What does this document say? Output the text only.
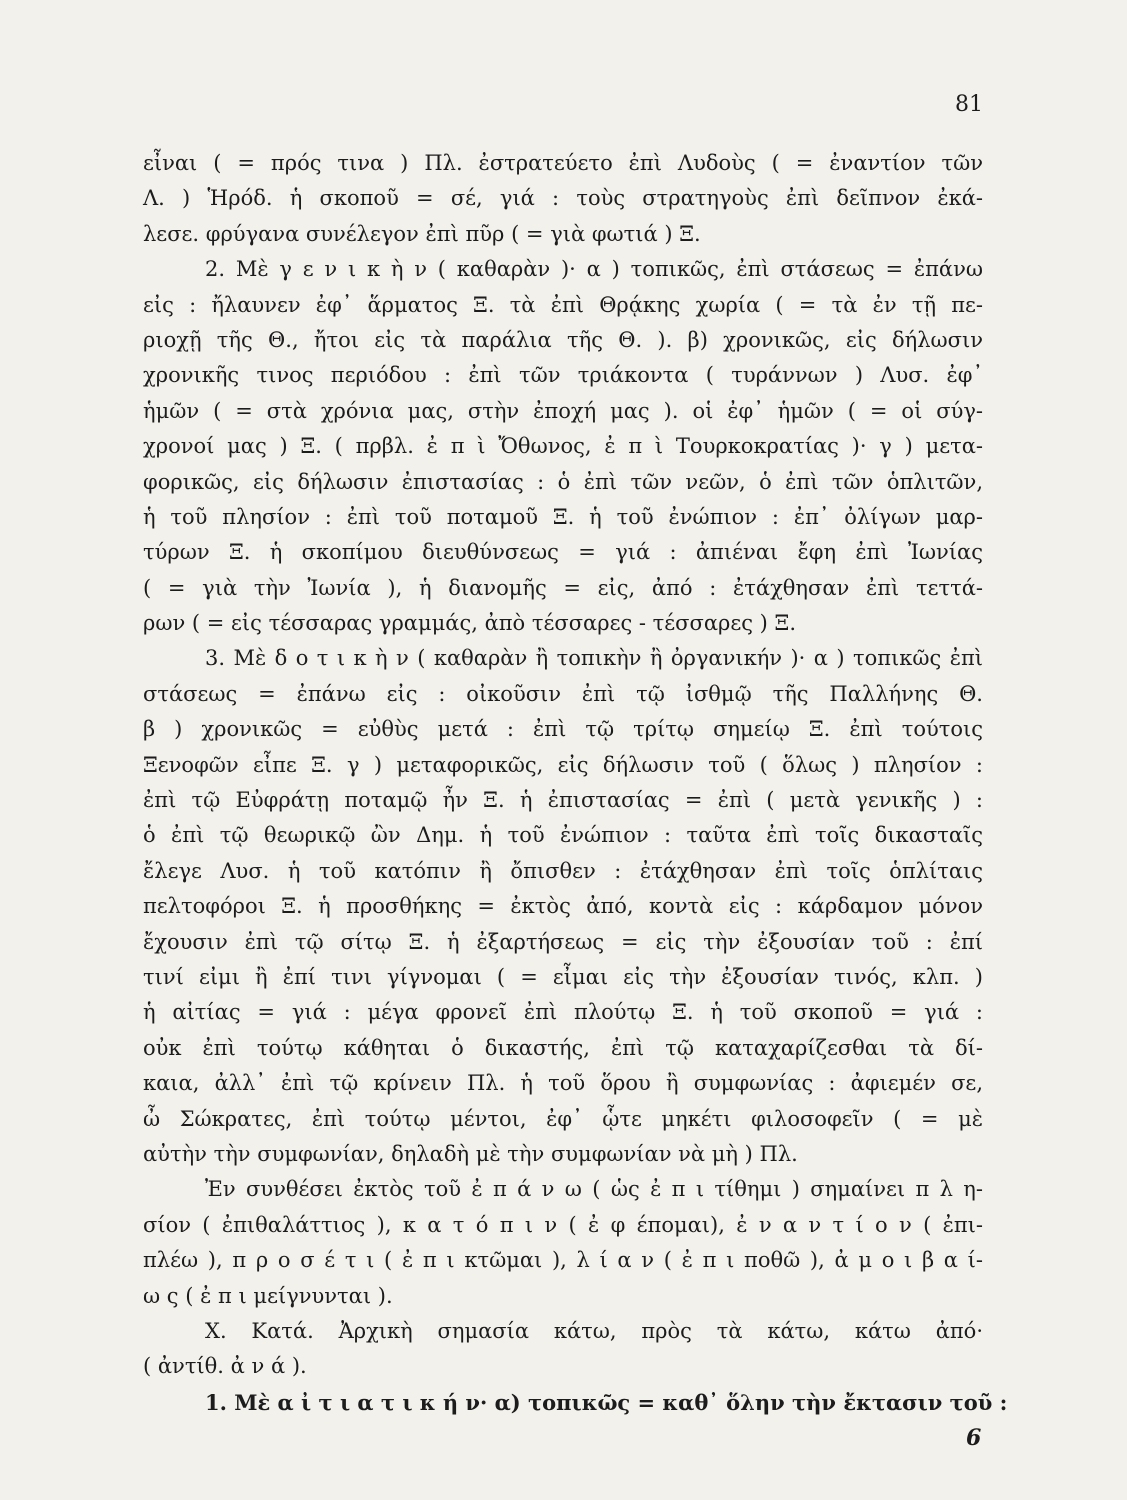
81
εἶναι ( = πρός τινα ) Πλ. ἐστρατεύετο ἐπὶ Λυδοὺς ( = ἐναντίον τῶν
Λ. ) Ἡρόδ. ἡ σκοποῦ = σέ, γιά : τοὺς στρατηγοὺς ἐπὶ δεῖπνον ἐκά-
λεσε. φρύγανα συνέλεγον ἐπὶ πῦρ ( = γιὰ φωτιά ) Ξ.
2. Μὲ γ ε ν ι κ ὴ ν ( καθαρὰν )· α ) τοπικῶς, ἐπὶ στάσεως = ἐπάνω
εἰς : ἤλαυνεν ἐφ᾽ ἅρματος Ξ. τὰ ἐπὶ Θρᾴκης χωρία ( = τὰ ἐν τῇ πε-
ριοχῇ τῆς Θ., ἤτοι εἰς τὰ παράλια τῆς Θ. ). β) χρονικῶς, εἰς δήλωσιν
χρονικῆς τινος περιόδου : ἐπὶ τῶν τριάκοντα ( τυράννων ) Λυσ. ἐφ᾽
ἡμῶν ( = στὰ χρόνια μας, στὴν ἐποχή μας ). οἱ ἐφ᾽ ἡμῶν ( = οἱ σύγ-
χρονοί μας ) Ξ. ( πρβλ. ἐ π ὶ Ὄθωνος, ἐ π ὶ Τουρκοκρατίας )· γ ) μετα-
φορικῶς, εἰς δήλωσιν ἐπιστασίας : ὁ ἐπὶ τῶν νεῶν, ὁ ἐπὶ τῶν ὁπλιτῶν,
ἡ τοῦ πλησίον : ἐπὶ τοῦ ποταμοῦ Ξ. ἡ τοῦ ἐνώπιον : ἐπ᾽ ὀλίγων μαρ-
τύρων Ξ. ἡ σκοπίμου διευθύνσεως = γιά : ἀπιέναι ἔφη ἐπὶ Ἰωνίας
( = γιὰ τὴν Ἰωνία ), ἡ διανομῆς = εἰς, ἀπό : ἐτάχθησαν ἐπὶ τεττά-
ρων ( = εἰς τέσσαρας γραμμάς, ἀπὸ τέσσαρες - τέσσαρες ) Ξ.
3. Μὲ δ ο τ ι κ ὴ ν ( καθαρὰν ἢ τοπικὴν ἢ ὀργανικήν )· α ) τοπικῶς ἐπὶ
στάσεως = ἐπάνω εἰς : οἰκοῦσιν ἐπὶ τῷ ἰσθμῷ τῆς Παλλήνης Θ.
β ) χρονικῶς = εὐθὺς μετά : ἐπὶ τῷ τρίτῳ σημείῳ Ξ. ἐπὶ τούτοις
Ξενοφῶν εἶπε Ξ. γ ) μεταφορικῶς, εἰς δήλωσιν τοῦ ( ὅλως ) πλησίον :
ἐπὶ τῷ Εὐφράτῃ ποταμῷ ἦν Ξ. ἡ ἐπιστασίας = ἐπὶ ( μετὰ γενικῆς ) :
ὁ ἐπὶ τῷ θεωρικῷ ὢν Δημ. ἡ τοῦ ἐνώπιον : ταῦτα ἐπὶ τοῖς δικασταῖς
ἔλεγε Λυσ. ἡ τοῦ κατόπιν ἢ ὄπισθεν : ἐτάχθησαν ἐπὶ τοῖς ὁπλίταις
πελτοφόροι Ξ. ἡ προσθήκης = ἐκτὸς ἀπό, κοντὰ εἰς : κάρδαμον μόνον
ἔχουσιν ἐπὶ τῷ σίτῳ Ξ. ἡ ἐξαρτήσεως = εἰς τὴν ἐξουσίαν τοῦ : ἐπί
τινί εἰμι ἢ ἐπί τινι γίγνομαι ( = εἶμαι εἰς τὴν ἐξουσίαν τινός, κλπ. )
ἡ αἰτίας = γιά : μέγα φρονεῖ ἐπὶ πλούτῳ Ξ. ἡ τοῦ σκοποῦ = γιά :
οὐκ ἐπὶ τούτῳ κάθηται ὁ δικαστής, ἐπὶ τῷ καταχαρίζεσθαι τὰ δί-
καια, ἀλλ᾽ ἐπὶ τῷ κρίνειν Πλ. ἡ τοῦ ὅρου ἢ συμφωνίας : ἀφιεμέν σε,
ὦ Σώκρατες, ἐπὶ τούτῳ μέντοι, ἐφ᾽ ᾧτε μηκέτι φιλοσοφεῖν ( = μὲ
αὐτὴν τὴν συμφωνίαν, δηλαδὴ μὲ τὴν συμφωνίαν νὰ μὴ ) Πλ.
Ἐν συνθέσει ἐκτὸς τοῦ ἐ π ά ν ω ( ὡς ἐ π ι τίθημι ) σημαίνει π λ η-
σίον ( ἐπιθαλάττιος ), κ α τ ό π ι ν ( ἐ φ έπομαι), ἐ ν α ν τ ί ο ν ( ἐπι-
πλέω ), π ρ ο σ έ τ ι ( ἐ π ι κτῶμαι ), λ ί α ν ( ἐ π ι ποθῶ ), ἀ μ ο ι β α ί-
ω ς ( ἐ π ι μείγνυνται ).
Χ. Κατά. Ἀρχικὴ σημασία κάτω, πρὸς τὰ κάτω, κάτω ἀπό·
( ἀντίθ. ἀ ν ά ).
1. Μὲ α ἰ τ ι α τ ι κ ή ν· α) τοπικῶς = καθ᾽ ὅλην τὴν ἔκτασιν τοῦ :
6
